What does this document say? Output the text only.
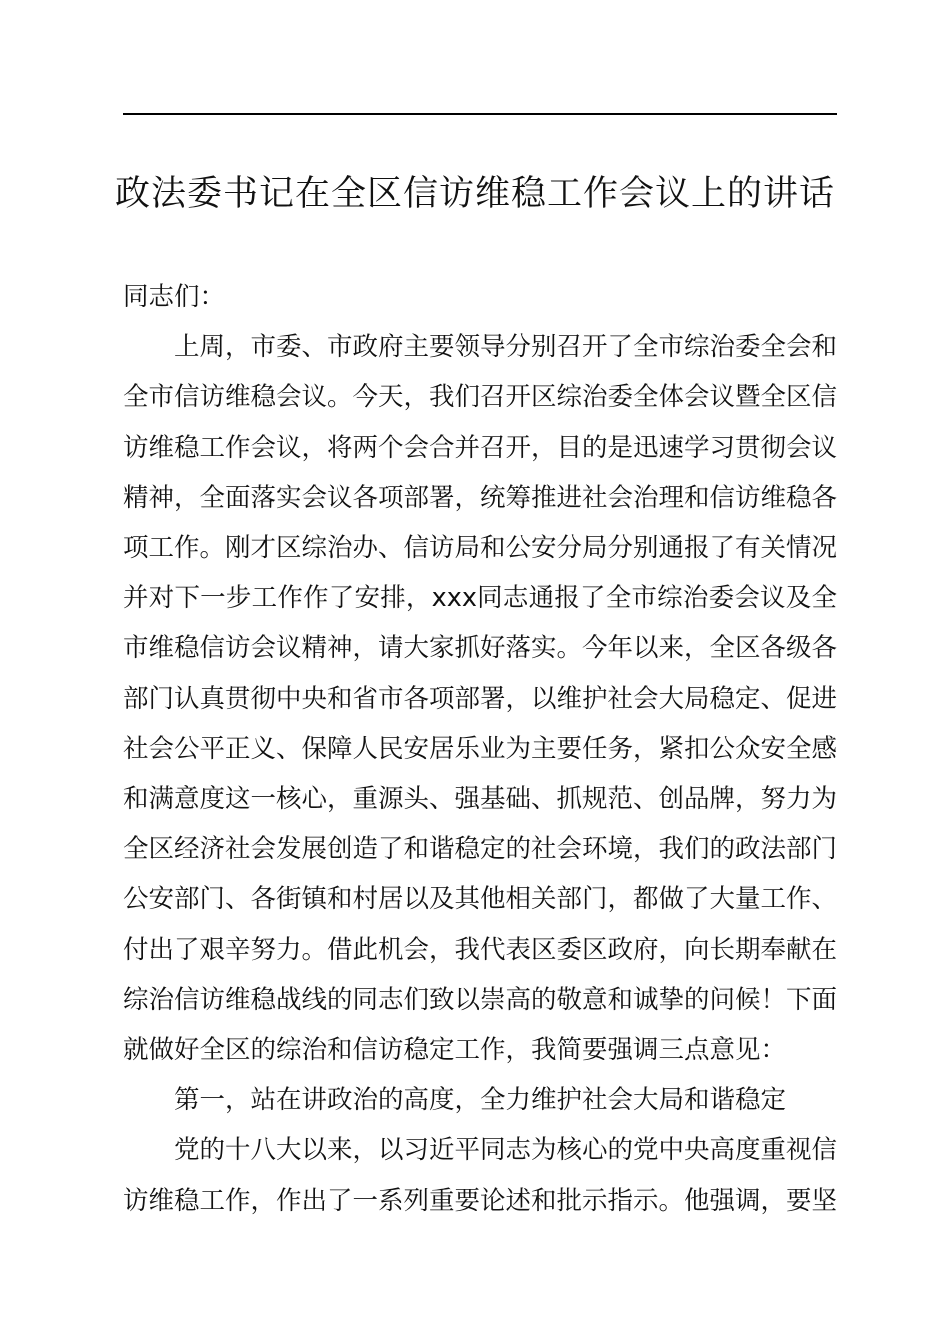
政法委书记在全区信访维稳工作会议上的讲话

同志们：

上周，市委、市政府主要领导分别召开了全市综治委全会和全市信访维稳会议。今天，我们召开区综治委全体会议暨全区信访维稳工作会议，将两个会合并召开，目的是迅速学习贯彻会议精神，全面落实会议各项部署，统筹推进社会治理和信访维稳各项工作。刚才区综治办、信访局和公安分局分别通报了有关情况并对下一步工作作了安排，xxx同志通报了全市综治委会议及全市维稳信访会议精神，请大家抓好落实。今年以来，全区各级各部门认真贯彻中央和省市各项部署，以维护社会大局稳定、促进社会公平正义、保障人民安居乐业为主要任务，紧扣公众安全感和满意度这一核心，重源头、强基础、抓规范、创品牌，努力为全区经济社会发展创造了和谐稳定的社会环境，我们的政法部门公安部门、各街镇和村居以及其他相关部门，都做了大量工作、付出了艰辛努力。借此机会，我代表区委区政府，向长期奉献在综治信访维稳战线的同志们致以崇高的敬意和诚挚的问候！下面就做好全区的综治和信访稳定工作，我简要强调三点意见：

第一，站在讲政治的高度，全力维护社会大局和谐稳定

党的十八大以来，以习近平同志为核心的党中央高度重视信访维稳工作，作出了一系列重要论述和批示指示。他强调，要坚
